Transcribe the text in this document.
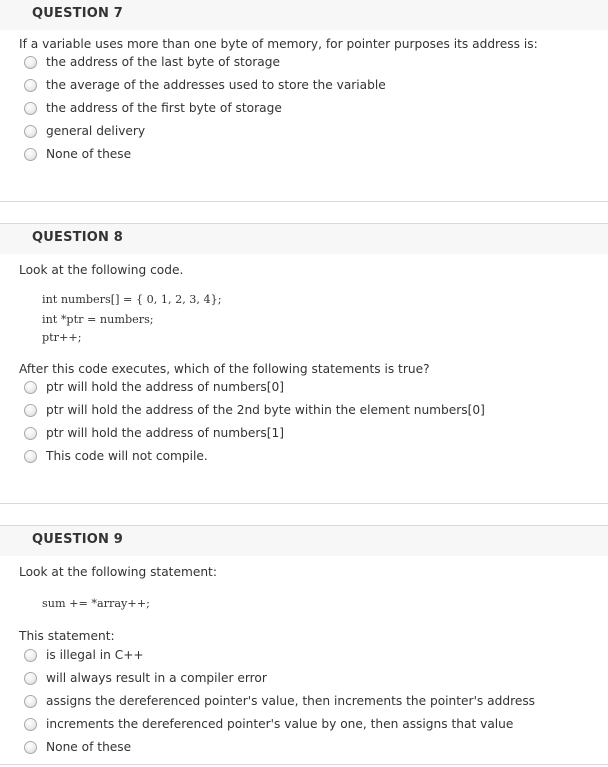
QUESTION 7
If a variable uses more than one byte of memory, for pointer purposes its address is:
the address of the last byte of storage
the average of the addresses used to store the variable
the address of the first byte of storage
general delivery
None of these
QUESTION 8
Look at the following code.
int numbers[] = { 0, 1, 2, 3, 4};
int *ptr = numbers;
ptr++;
After this code executes, which of the following statements is true?
ptr will hold the address of numbers[0]
ptr will hold the address of the 2nd byte within the element numbers[0]
ptr will hold the address of numbers[1]
This code will not compile.
QUESTION 9
Look at the following statement:
sum += *array++;
This statement:
is illegal in C++
will always result in a compiler error
assigns the dereferenced pointer's value, then increments the pointer's address
increments the dereferenced pointer's value by one, then assigns that value
None of these
